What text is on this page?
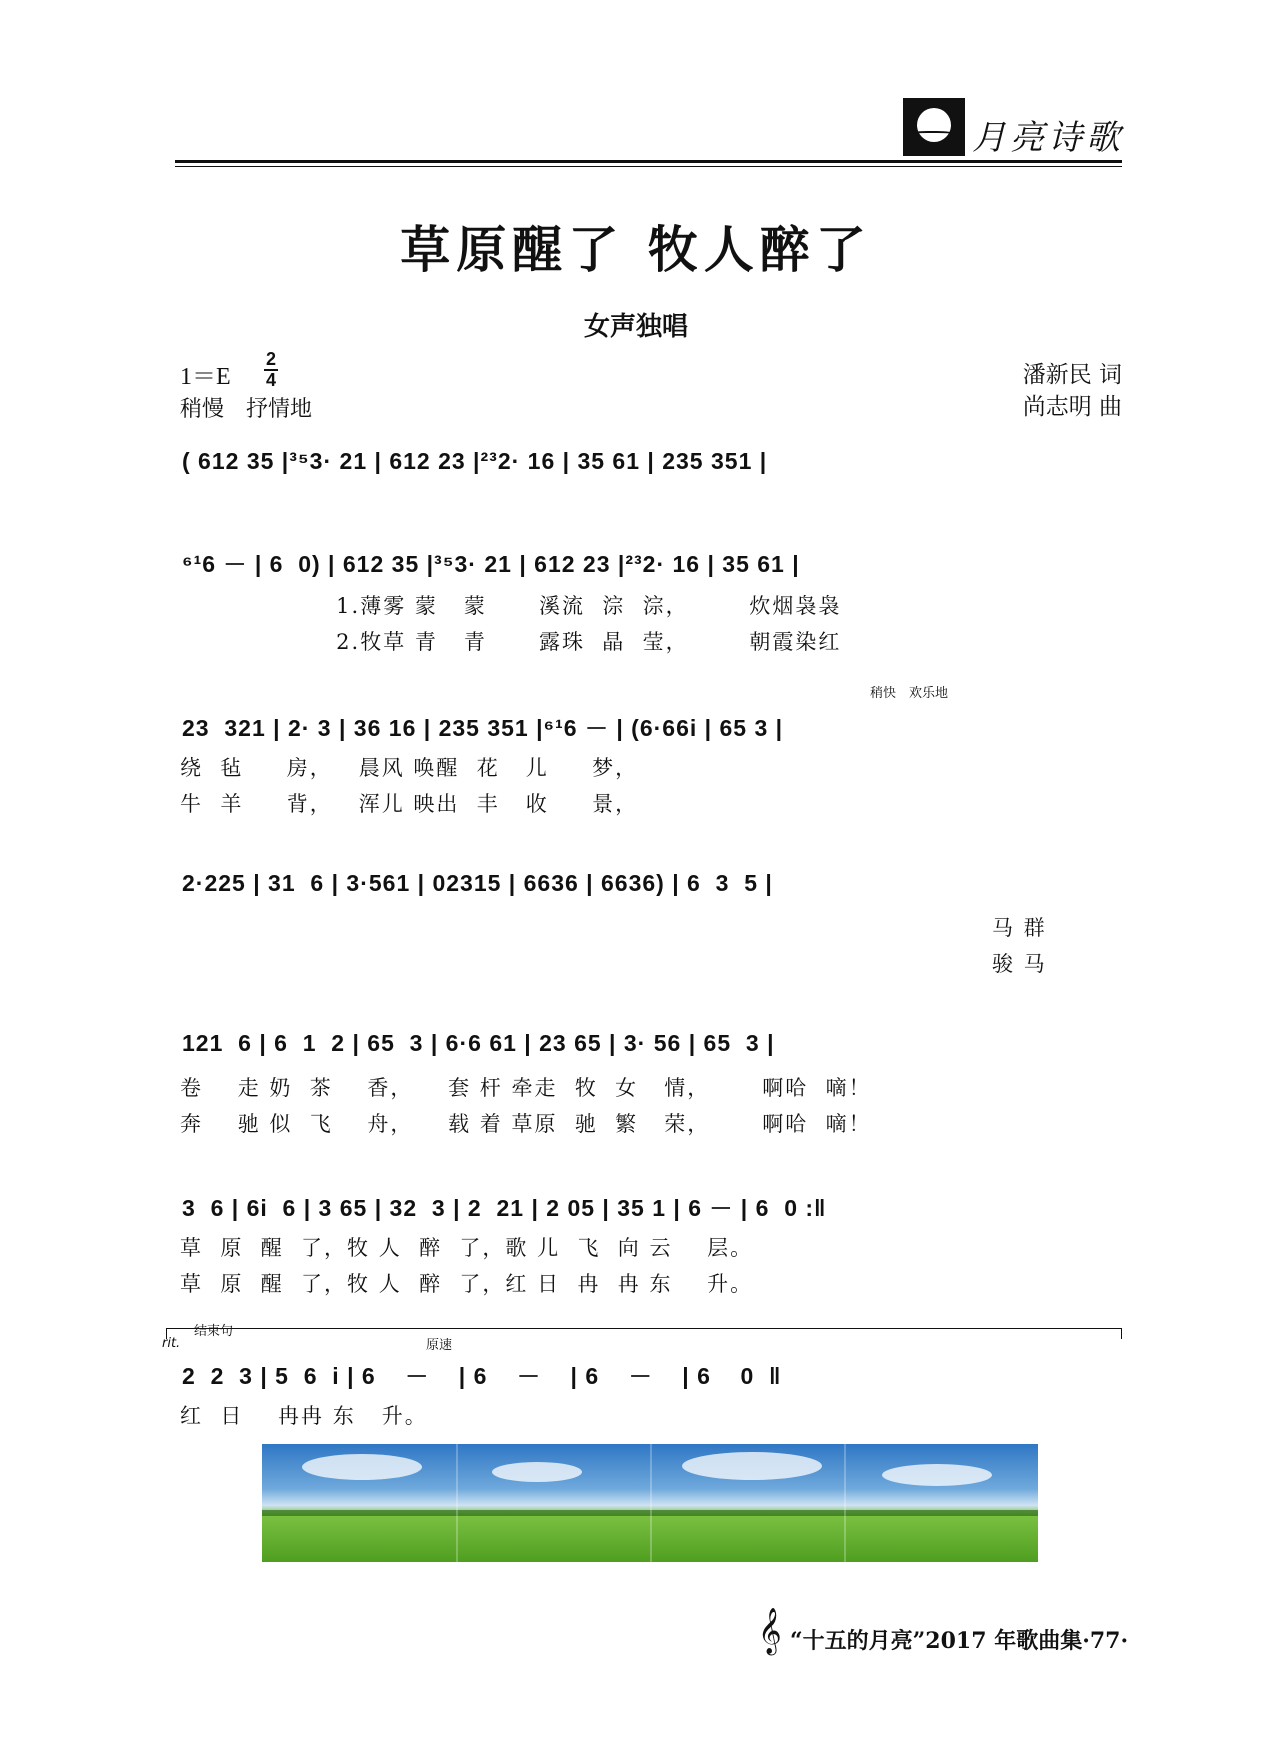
月亮诗歌
草原醒了 牧人醉了
女声独唱
1＝E
2
4
稍慢　抒情地
潘新民 词
尚志明 曲
( 612 35 |³⁵3· 21 | 612 23 |²³2· 16 | 35 61 | 235 351 |
⁶¹6 － | 6  0) | 612 35 |³⁵3· 21 | 612 23 |²³2· 16 | 35 61 |
1.薄雾 蒙   蒙      溪流  淙  淙，       炊烟袅袅
2.牧草 青   青      露珠  晶  莹，       朝霞染红
稍快　欢乐地
23  321 | 2· 3 | 36 16 | 235 351 |⁶¹6 － | (6·66i | 65 3 |
绕  毡     房，   晨风 唤醒  花   儿     梦，
牛  羊     背，   浑儿 映出  丰   收     景，
2·225 | 31  6 | 3·561 | 02315 | 6636 | 6636) | 6  3  5 |
马 群
骏 马
121  6 | 6  1  2 | 65  3 | 6·6 61 | 23 65 | 3· 56 | 65  3 |
卷    走 奶  茶    香，    套 杆 牵走  牧  女   情，      啊哈  嘀！
奔    驰 似  飞    舟，    载 着 草原  驰  繁   荣，      啊哈  嘀！
3  6 | 6i  6 | 3 65 | 32  3 | 2  21 | 2 05 | 35 1 | 6 － | 6  0 :‖
草  原  醒  了，牧 人  醉  了，歌 儿  飞  向 云    层。
草  原  醒  了，牧 人  醉  了，红 日  冉  冉 东    升。
rit.
结束句
原速
2  2  3 | 5  6  i | 6    －    | 6    －    | 6    －    | 6    0  ‖
红  日    冉冉 东   升。
𝄞 “十五的月亮”2017 年歌曲集·77·
